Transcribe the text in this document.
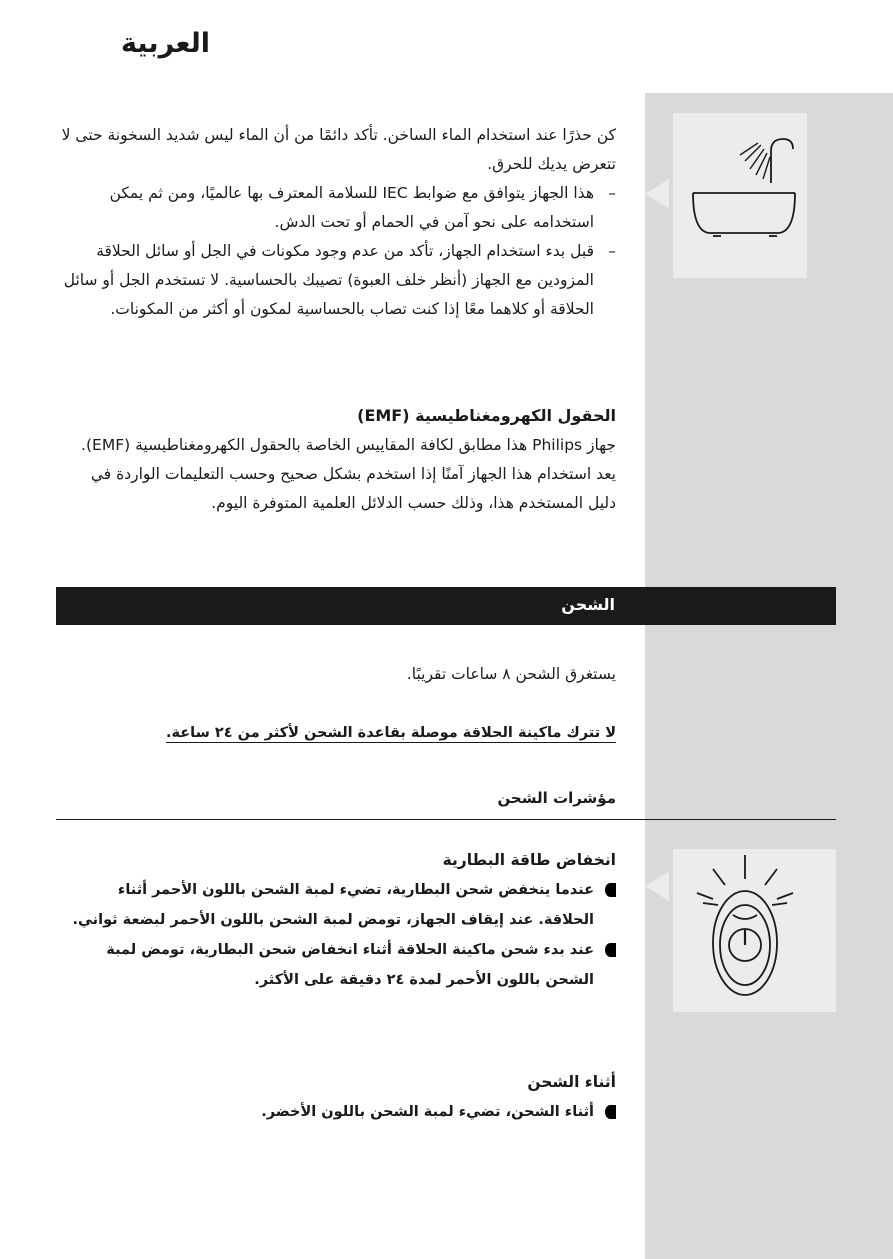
العربية

كن حذرًا عند استخدام الماء الساخن. تأكد دائمًا من أن الماء ليس شديد السخونة حتى لا تتعرض يديك للحرق.

–
هذا الجهاز يتوافق مع ضوابط IEC للسلامة المعترف بها عالميًا، ومن ثم يمكن استخدامه على نحو آمن في الحمام أو تحت الدش.
–
قبل بدء استخدام الجهاز، تأكد من عدم وجود مكونات في الجل أو سائل الحلاقة المزودين مع الجهاز (أنظر خلف العبوة) تصيبك بالحساسية. لا تستخدم الجل أو سائل الحلاقة أو كلاهما معًا إذا كنت تصاب بالحساسية لمكون أو أكثر من المكونات.

الحقول الكهرومغناطيسية (EMF)

جهاز Philips هذا مطابق لكافة المقاييس الخاصة بالحقول الكهرومغناطيسية (EMF). يعد استخدام هذا الجهاز آمنًا إذا استخدم بشكل صحيح وحسب التعليمات الواردة في دليل المستخدم هذا، وذلك حسب الدلائل العلمية المتوفرة اليوم.

الشحن

يستغرق الشحن ٨ ساعات تقريبًا.

لا تترك ماكينة الحلاقة موصلة بقاعدة الشحن لأكثر من ٢٤ ساعة.

مؤشرات الشحن

انخفاض طاقة البطارية

عندما ينخفض شحن البطارية، تضيء لمبة الشحن باللون الأحمر أثناء الحلاقة. عند إيقاف الجهاز، تومض لمبة الشحن باللون الأحمر لبضعة ثواني.
عند بدء شحن ماكينة الحلاقة أثناء انخفاض شحن البطارية، تومض لمبة الشحن باللون الأحمر لمدة ٢٤ دقيقة على الأكثر.

أثناء الشحن

أثناء الشحن، تضيء لمبة الشحن باللون الأخضر.
